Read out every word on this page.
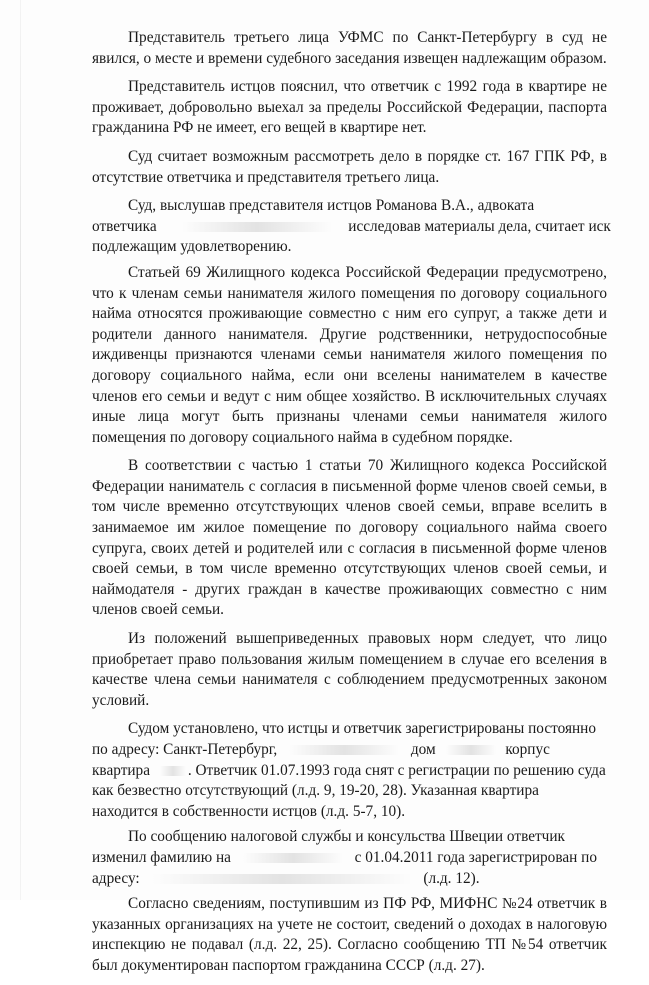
Представитель третьего лица УФМС по Санкт-Петербургу в суд не явился, о месте и времени судебного заседания извещен надлежащим образом.

Представитель истцов пояснил, что ответчик с 1992 года в квартире не проживает, добровольно выехал за пределы Российской Федерации, паспорта гражданина РФ не имеет, его вещей в квартире нет.

Суд считает возможным рассмотреть дело в порядке ст. 167 ГПК РФ, в отсутствие ответчика и представителя третьего лица.

Суд, выслушав представителя истцов Романова В.А., адвоката
ответчика	исследовав материалы дела, считает иск
подлежащим удовлетворению.

Статьей 69 Жилищного кодекса Российской Федерации предусмотрено, что к членам семьи нанимателя жилого помещения по договору социального найма относятся проживающие совместно с ним его супруг, а также дети и родители данного нанимателя. Другие родственники, нетрудоспособные иждивенцы признаются членами семьи нанимателя жилого помещения по договору социального найма, если они вселены нанимателем в качестве членов его семьи и ведут с ним общее хозяйство. В исключительных случаях иные лица могут быть признаны членами семьи нанимателя жилого помещения по договору социального найма в судебном порядке.

В соответствии с частью 1 статьи 70 Жилищного кодекса Российской Федерации наниматель с согласия в письменной форме членов своей семьи, в том числе временно отсутствующих членов своей семьи, вправе вселить в занимаемое им жилое помещение по договору социального найма своего супруга, своих детей и родителей или с согласия в письменной форме членов своей семьи, в том числе временно отсутствующих членов своей семьи, и наймодателя - других граждан в качестве проживающих совместно с ним членов своей семьи.

Из положений вышеприведенных правовых норм следует, что лицо приобретает право пользования жилым помещением в случае его вселения в качестве члена семьи нанимателя с соблюдением предусмотренных законом условий.

Судом установлено, что истцы и ответчик зарегистрированы постоянно
по адресу: Санкт-Петербург,	дом	корпус
квартира . Ответчик 01.07.1993 года снят с регистрации по решению суда
как безвестно отсутствующий (л.д. 9, 19-20, 28). Указанная квартира
находится в собственности истцов (л.д. 5-7, 10).
По сообщению налоговой службы и консульства Швеции ответчик
изменил фамилию на	с 01.04.2011 года зарегистрирован по
адресу:	(л.д. 12).

Согласно сведениям, поступившим из ПФ РФ, МИФНС №24 ответчик в указанных организациях на учете не состоит, сведений о доходах в налоговую инспекцию не подавал (л.д. 22, 25). Согласно сообщению ТП №54 ответчик был документирован паспортом гражданина СССР (л.д. 27).
